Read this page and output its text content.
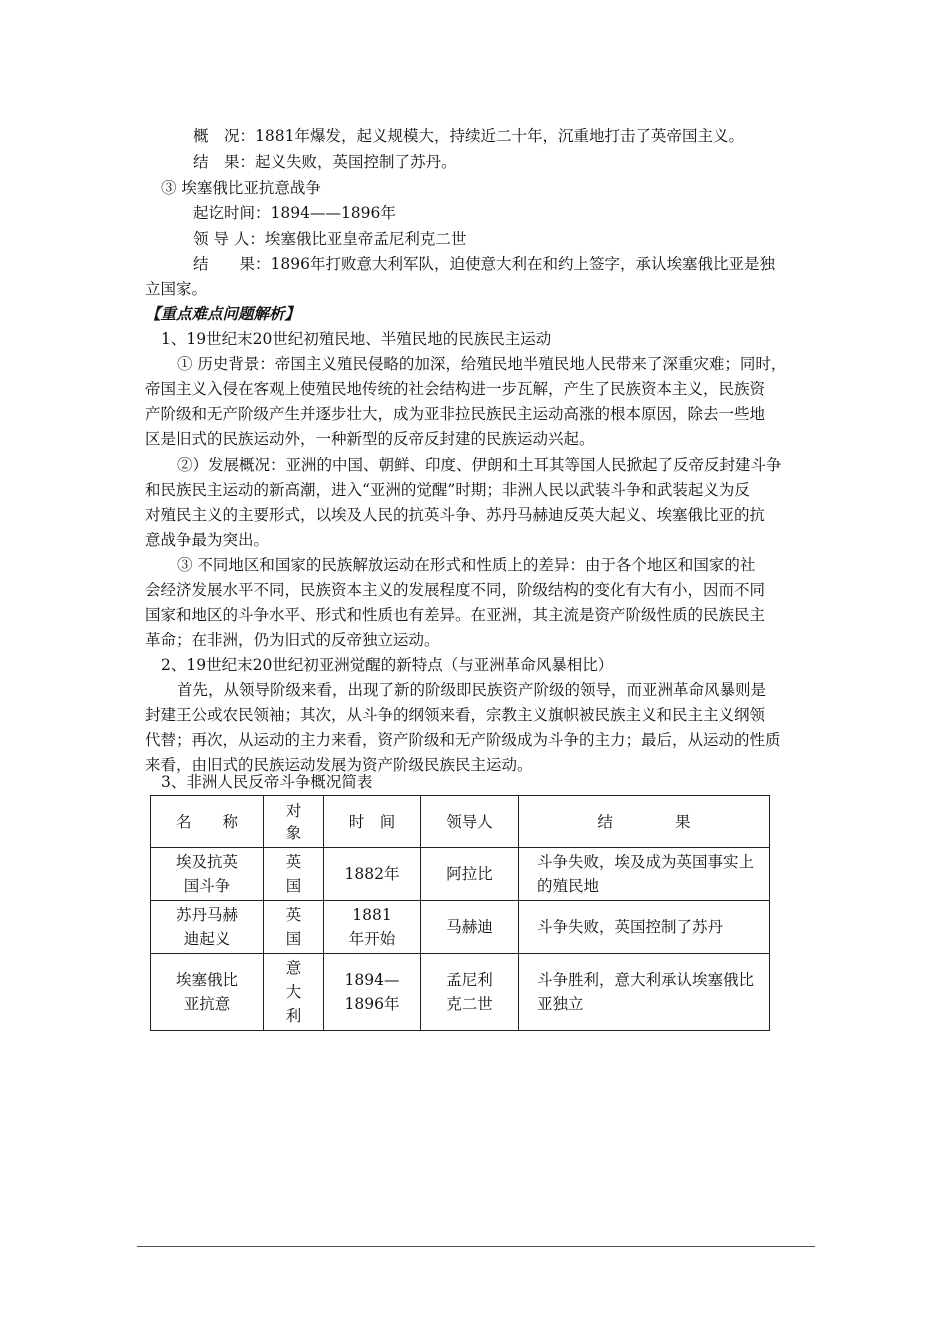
概　况：1881年爆发，起义规模大，持续近二十年，沉重地打击了英帝国主义。
结　果：起义失败，英国控制了苏丹。
③ 埃塞俄比亚抗意战争
起讫时间：1894——1896年
领 导 人：埃塞俄比亚皇帝孟尼利克二世
结　　果：1896年打败意大利军队，迫使意大利在和约上签字，承认埃塞俄比亚是独
立国家。
【重点难点问题解析】
1、19世纪末20世纪初殖民地、半殖民地的民族民主运动
① 历史背景：帝国主义殖民侵略的加深，给殖民地半殖民地人民带来了深重灾难；同时，
帝国主义入侵在客观上使殖民地传统的社会结构进一步瓦解，产生了民族资本主义，民族资
产阶级和无产阶级产生并逐步壮大，成为亚非拉民族民主运动高涨的根本原因，除去一些地
区是旧式的民族运动外，一种新型的反帝反封建的民族运动兴起。
②）发展概况：亚洲的中国、朝鲜、印度、伊朗和土耳其等国人民掀起了反帝反封建斗争
和民族民主运动的新高潮，进入“亚洲的觉醒”时期；非洲人民以武装斗争和武装起义为反
对殖民主义的主要形式，以埃及人民的抗英斗争、苏丹马赫迪反英大起义、埃塞俄比亚的抗
意战争最为突出。
③ 不同地区和国家的民族解放运动在形式和性质上的差异：由于各个地区和国家的社
会经济发展水平不同，民族资本主义的发展程度不同，阶级结构的变化有大有小，因而不同
国家和地区的斗争水平、形式和性质也有差异。在亚洲，其主流是资产阶级性质的民族民主
革命；在非洲，仍为旧式的反帝独立运动。
2、19世纪末20世纪初亚洲觉醒的新特点（与亚洲革命风暴相比）
首先，从领导阶级来看，出现了新的阶级即民族资产阶级的领导，而亚洲革命风暴则是
封建王公或农民领袖；其次，从斗争的纲领来看，宗教主义旗帜被民族主义和民主主义纲领
代替；再次，从运动的主力来看，资产阶级和无产阶级成为斗争的主力；最后，从运动的性质
来看，由旧式的民族运动发展为资产阶级民族民主运动。
3、非洲人民反帝斗争概况简表
名　　称	对象	时　间	领导人	结　　　　果
埃及抗英国斗争	英国	1882年	阿拉比	斗争失败，埃及成为英国事实上的殖民地
苏丹马赫迪起义	英国	1881年开始	马赫迪	斗争失败，英国控制了苏丹
埃塞俄比亚抗意	意大利	1894—1896年	孟尼利克二世	斗争胜利，意大利承认埃塞俄比亚独立
